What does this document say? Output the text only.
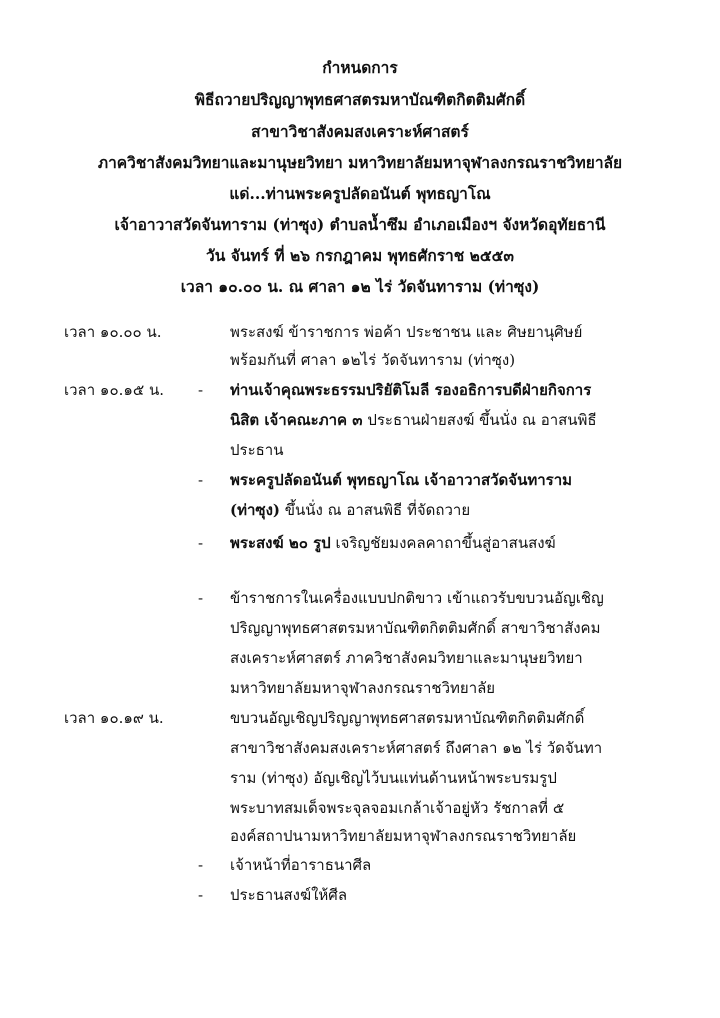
กำหนดการ
พิธีถวายปริญญาพุทธศาสตรมหาบัณฑิตกิตติมศักดิ์
สาขาวิชาสังคมสงเคราะห์ศาสตร์
ภาควิชาสังคมวิทยาและมานุษยวิทยา มหาวิทยาลัยมหาจุฬาลงกรณราชวิทยาลัย
แด่...ท่านพระครูปลัดอนันต์ พุทธญาโณ
เจ้าอาวาสวัดจันทาราม (ท่าซุง) ตำบลน้ำซึม อำเภอเมืองฯ จังหวัดอุทัยธานี
วัน จันทร์ ที่ ๒๖ กรกฎาคม พุทธศักราช ๒๕๕๓
เวลา ๑๐.๐๐ น. ณ ศาลา ๑๒ ไร่ วัดจันทาราม (ท่าซุง)
เวลา ๑๐.๐๐ น.	พระสงฆ์ ข้าราชการ พ่อค้า ประชาชน และ ศิษยานุศิษย์
พร้อมกันที่ ศาลา ๑๒ไร่ วัดจันทาราม (ท่าซุง)
เวลา ๑๐.๑๕ น. - ท่านเจ้าคุณพระธรรมปริยัติโมลี รองอธิการบดีฝ่ายกิจการ
นิสิต เจ้าคณะภาค ๓ ประธานฝ่ายสงฆ์ ขึ้นนั่ง ณ อาสนพิธี
ประธาน
- พระครูปลัดอนันต์ พุทธญาโณ เจ้าอาวาสวัดจันทาราม
(ท่าซุง) ขึ้นนั่ง ณ อาสนพิธี ที่จัดถวาย
- พระสงฆ์ ๒๐ รูป เจริญชัยมงคลคาถาขึ้นสู่อาสนสงฆ์
- ข้าราชการในเครื่องแบบปกติขาว เข้าแถวรับขบวนอัญเชิญ
ปริญญาพุทธศาสตรมหาบัณฑิตกิตติมศักดิ์ สาขาวิชาสังคม
สงเคราะห์ศาสตร์ ภาควิชาสังคมวิทยาและมานุษยวิทยา
มหาวิทยาลัยมหาจุฬาลงกรณราชวิทยาลัย
เวลา ๑๐.๑๙ น.	ขบวนอัญเชิญปริญญาพุทธศาสตรมหาบัณฑิตกิตติมศักดิ์
สาขาวิชาสังคมสงเคราะห์ศาสตร์ ถึงศาลา ๑๒ ไร่ วัดจันทา
ราม (ท่าซุง) อัญเชิญไว้บนแท่นด้านหน้าพระบรมรูป
พระบาทสมเด็จพระจุลจอมเกล้าเจ้าอยู่หัว รัชกาลที่ ๕
องค์สถาปนามหาวิทยาลัยมหาจุฬาลงกรณราชวิทยาลัย
- เจ้าหน้าที่อาราธนาศีล
- ประธานสงฆ์ให้ศีล
